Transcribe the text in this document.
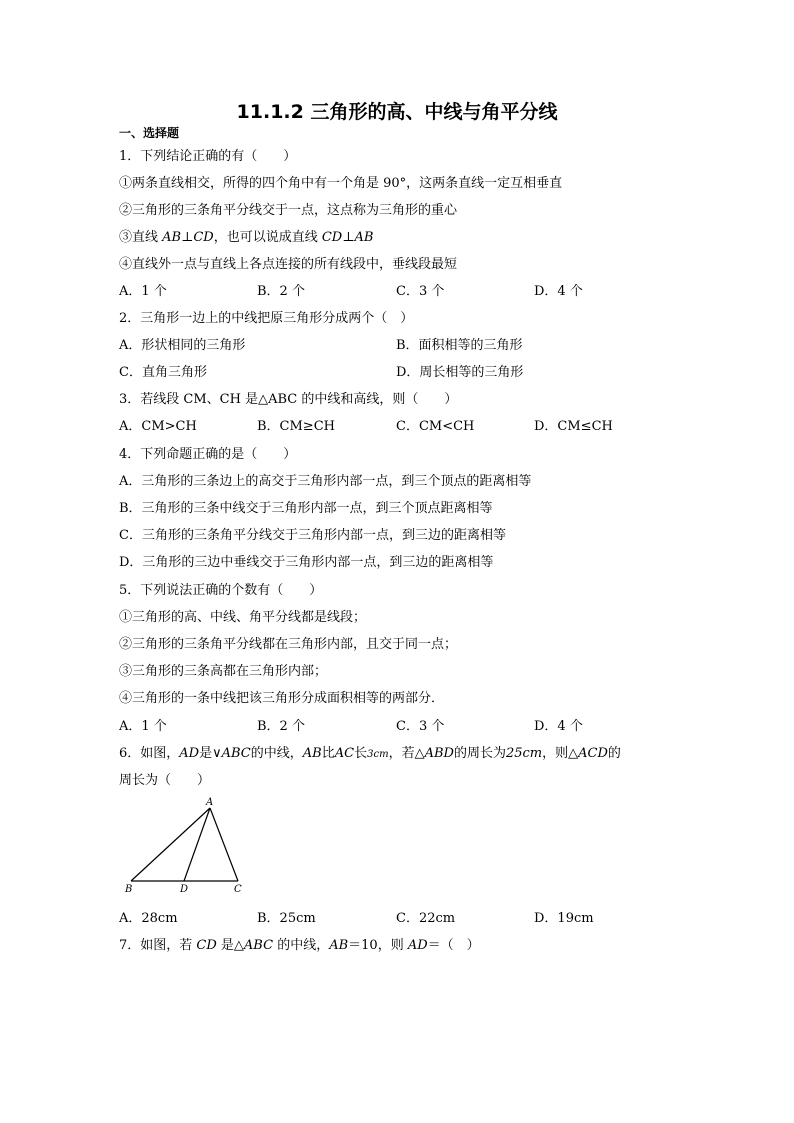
11.1.2 三角形的高、中线与角平分线
一、选择题
1．下列结论正确的有（　　）
①两条直线相交，所得的四个角中有一个角是 90°，这两条直线一定互相垂直
②三角形的三条角平分线交于一点，这点称为三角形的重心
③直线 AB⊥CD，也可以说成直线 CD⊥AB
④直线外一点与直线上各点连接的所有线段中，垂线段最短
A．1 个	B．2 个	C．3 个	D．4 个
2．三角形一边上的中线把原三角形分成两个（　）
A．形状相同的三角形	B．面积相等的三角形
C．直角三角形	D．周长相等的三角形
3．若线段 CM、CH 是△ABC 的中线和高线，则（　　）
A．CM>CH	B．CM≥CH	C．CM<CH	D．CM≤CH
4．下列命题正确的是（　　）
A．三角形的三条边上的高交于三角形内部一点，到三个顶点的距离相等
B．三角形的三条中线交于三角形内部一点，到三个顶点距离相等
C．三角形的三条角平分线交于三角形内部一点，到三边的距离相等
D．三角形的三边中垂线交于三角形内部一点，到三边的距离相等
5．下列说法正确的个数有（　　）
①三角形的高、中线、角平分线都是线段；
②三角形的三条角平分线都在三角形内部，且交于同一点；
③三角形的三条高都在三角形内部；
④三角形的一条中线把该三角形分成面积相等的两部分．
A．1 个	B．2 个	C．3 个	D．4 个
6．如图，AD是∨ABC的中线，AB比AC长3cm，若△ABD的周长为25cm，则△ACD的
周长为（　　）
A
B	D	C
A．28cm	B．25cm	C．22cm	D．19cm
7．如图，若 CD 是△ABC 的中线，AB＝10，则 AD＝（　）
